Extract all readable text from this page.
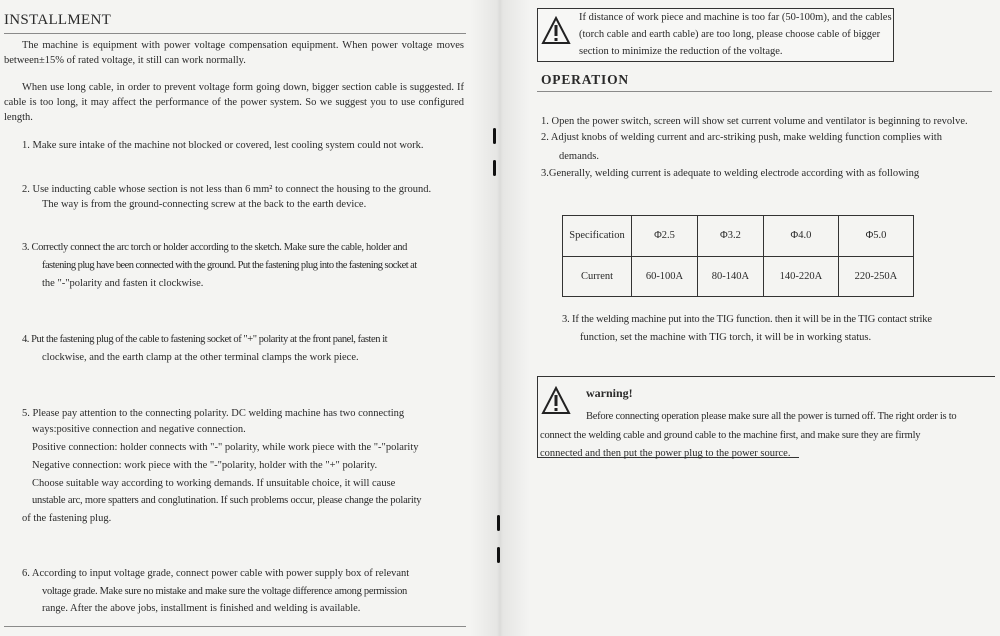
INSTALLMENT

The machine is equipment with power voltage compensation equipment. When power voltage moves between±15% of rated voltage, it still can work normally.

When use long cable, in order to prevent voltage form going down, bigger section cable is suggested. If cable is too long, it may affect the performance of the power system. So we suggest you to use configured length.

1. Make sure intake of the machine not blocked or covered, lest cooling system could not work.

2. Use inducting cable whose section is not less than 6 mm² to connect the housing to the ground.

The way is from the ground-connecting screw at the back to the earth device.

3. Correctly connect the arc torch or holder according to the sketch. Make sure the cable, holder and

fastening plug have been connected with the ground. Put the fastening plug into the fastening socket at

the "-"polarity and fasten it clockwise.

4. Put the fastening plug of the cable to fastening socket of "+" polarity at the front panel, fasten it

clockwise, and the earth clamp at the other terminal clamps the work piece.

5. Please pay attention to the connecting polarity. DC welding machine has two connecting

ways:positive connection and negative connection.

Positive connection: holder connects with "-" polarity, while work piece with the "-"polarity

Negative connection: work piece with the "-"polarity, holder with the "+" polarity.

Choose suitable way according to working demands. If unsuitable choice, it will cause

unstable arc, more spatters and conglutination. If such problems occur, please change the polarity

of the fastening plug.

6. According to input voltage grade, connect power cable with power supply box of relevant

voltage grade. Make sure no mistake and make sure the voltage difference among permission

range. After the above jobs, installment is finished and welding is available.

If distance of work piece and machine is too far (50-100m), and the cables

(torch cable and earth cable) are too long, please choose cable of bigger

section to minimize the reduction of the voltage.

OPERATION

1. Open the power switch, screen will show set current volume and ventilator is beginning to revolve.

2. Adjust knobs of welding current and arc-striking push, make welding function complies with

demands.

3.Generally, welding current is adequate to welding electrode according with as following

Specification	Φ2.5	Φ3.2	Φ4.0	Φ5.0
Current	60-100A	80-140A	140-220A	220-250A

3. If the welding machine put into the TIG function. then it will be in the TIG contact strike

function, set the machine with TIG torch, it will be in working status.

warning!

Before connecting operation please make sure all the power is turned off. The right order is to

connect the welding cable and ground cable to the machine first, and make sure they are firmly

connected and then put the power plug to the power source.
